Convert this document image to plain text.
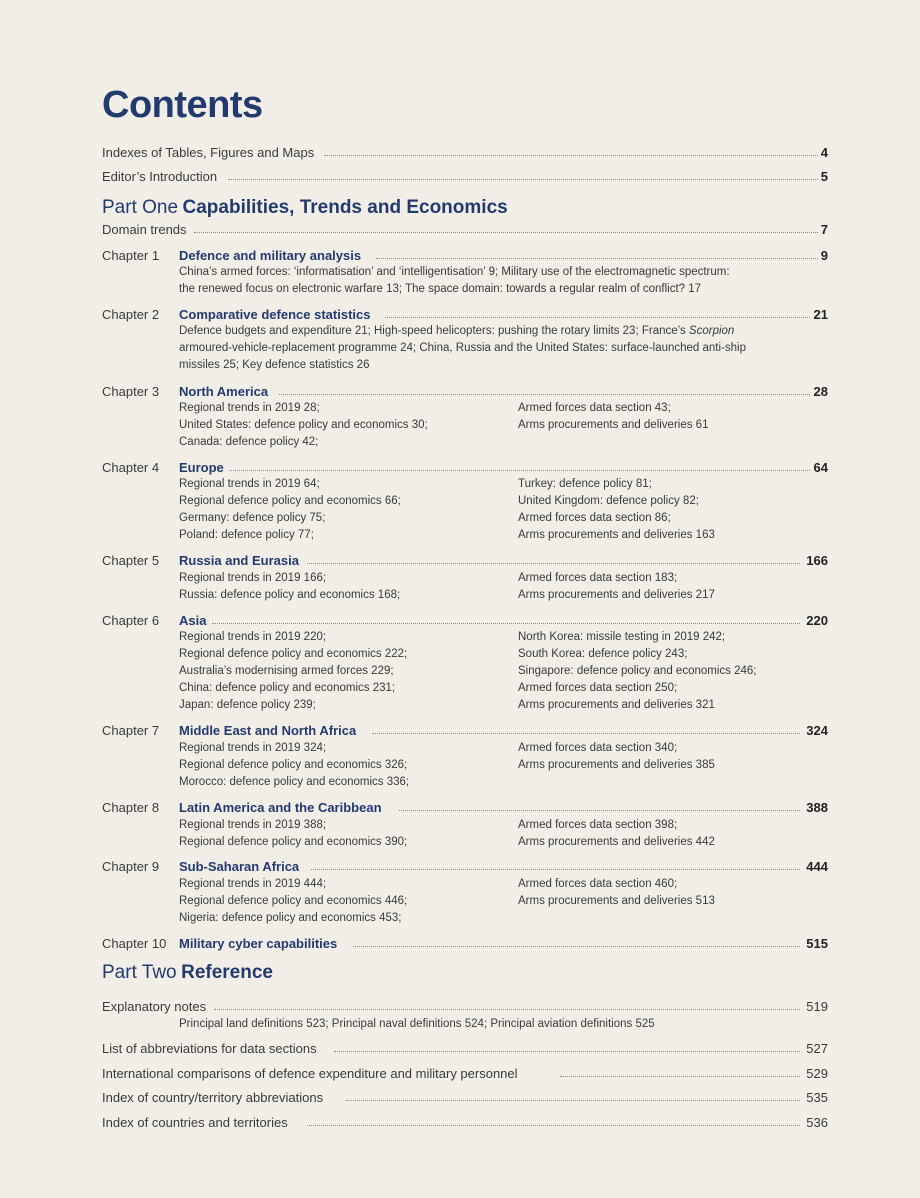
Contents
Indexes of Tables, Figures and Maps	4
Editor’s Introduction	5
Part One Capabilities, Trends and Economics
Domain trends	7
Chapter 1 Defence and military analysis	9
China’s armed forces: ‘informatisation’ and ‘intelligentisation’ 9; Military use of the electromagnetic spectrum:
the renewed focus on electronic warfare 13; The space domain: towards a regular realm of conflict? 17
Chapter 2 Comparative defence statistics	21
Defence budgets and expenditure 21; High-speed helicopters: pushing the rotary limits 23; France’s Scorpion
armoured-vehicle-replacement programme 24; China, Russia and the United States: surface-launched anti-ship
missiles 25; Key defence statistics 26
Chapter 3 North America	28
Regional trends in 2019 28;
United States: defence policy and economics 30;
Canada: defence policy 42;
Armed forces data section 43;
Arms procurements and deliveries 61
Chapter 4 Europe	64
Regional trends in 2019 64;
Regional defence policy and economics 66;
Germany: defence policy 75;
Poland: defence policy 77;
Turkey: defence policy 81;
United Kingdom: defence policy 82;
Armed forces data section 86;
Arms procurements and deliveries 163
Chapter 5 Russia and Eurasia	166
Regional trends in 2019 166;
Russia: defence policy and economics 168;
Armed forces data section 183;
Arms procurements and deliveries 217
Chapter 6 Asia	220
Regional trends in 2019 220;
Regional defence policy and economics 222;
Australia’s modernising armed forces 229;
China: defence policy and economics 231;
Japan: defence policy 239;
North Korea: missile testing in 2019 242;
South Korea: defence policy 243;
Singapore: defence policy and economics 246;
Armed forces data section 250;
Arms procurements and deliveries 321
Chapter 7 Middle East and North Africa	324
Regional trends in 2019 324;
Regional defence policy and economics 326;
Morocco: defence policy and economics 336;
Armed forces data section 340;
Arms procurements and deliveries 385
Chapter 8 Latin America and the Caribbean	388
Regional trends in 2019 388;
Regional defence policy and economics 390;
Armed forces data section 398;
Arms procurements and deliveries 442
Chapter 9 Sub-Saharan Africa	444
Regional trends in 2019 444;
Regional defence policy and economics 446;
Nigeria: defence policy and economics 453;
Armed forces data section 460;
Arms procurements and deliveries 513
Chapter 10 Military cyber capabilities	515
Part Two Reference
Explanatory notes	519
Principal land definitions 523; Principal naval definitions 524; Principal aviation definitions 525
List of abbreviations for data sections	527
International comparisons of defence expenditure and military personnel	529
Index of country/territory abbreviations	535
Index of countries and territories	536
